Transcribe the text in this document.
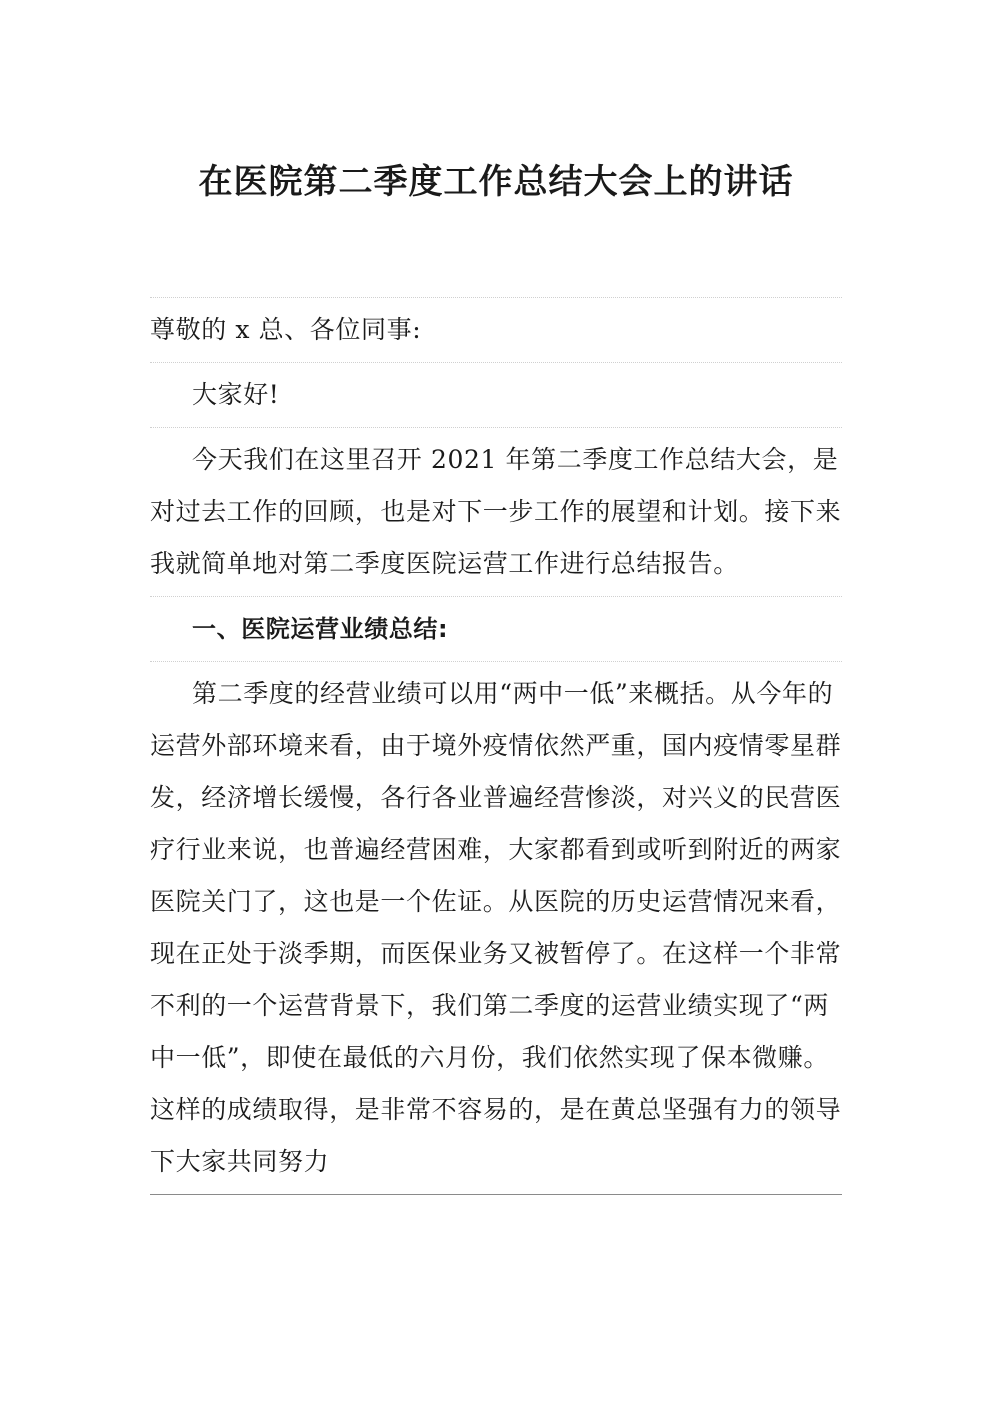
在医院第二季度工作总结大会上的讲话
尊敬的 x 总、各位同事:
大家好!
今天我们在这里召开 2021 年第二季度工作总结大会，是对过去工作的回顾，也是对下一步工作的展望和计划。接下来我就简单地对第二季度医院运营工作进行总结报告。
一、医院运营业绩总结:
第二季度的经营业绩可以用“两中一低”来概括。从今年的运营外部环境来看，由于境外疫情依然严重，国内疫情零星群发，经济增长缓慢，各行各业普遍经营惨淡，对兴义的民营医疗行业来说，也普遍经营困难，大家都看到或听到附近的两家医院关门了，这也是一个佐证。从医院的历史运营情况来看，现在正处于淡季期，而医保业务又被暂停了。在这样一个非常不利的一个运营背景下，我们第二季度的运营业绩实现了“两中一低”，即使在最低的六月份，我们依然实现了保本微赚。这样的成绩取得，是非常不容易的，是在黄总坚强有力的领导下大家共同努力
